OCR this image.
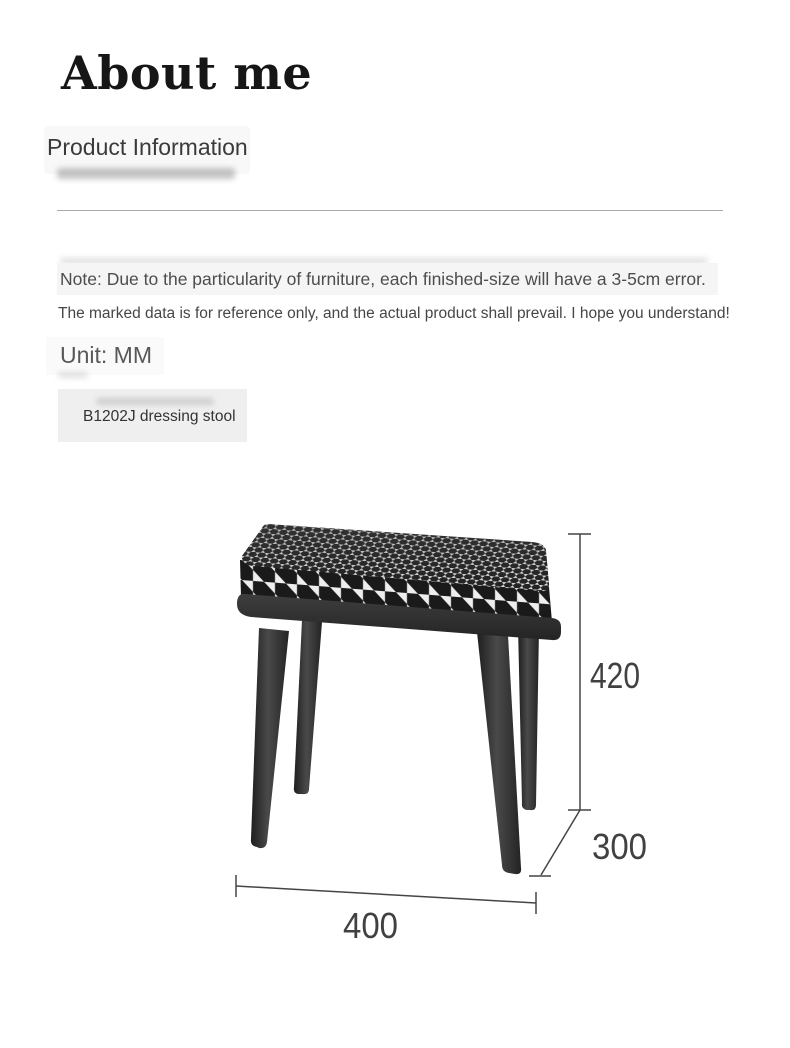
About me
Product Information

Note: Due to the particularity of furniture, each finished-size will have a 3-5cm error.

The marked data is for reference only, and the actual product shall prevail. I hope you understand!

Unit: MM
B1202J dressing stool
420
300
400
